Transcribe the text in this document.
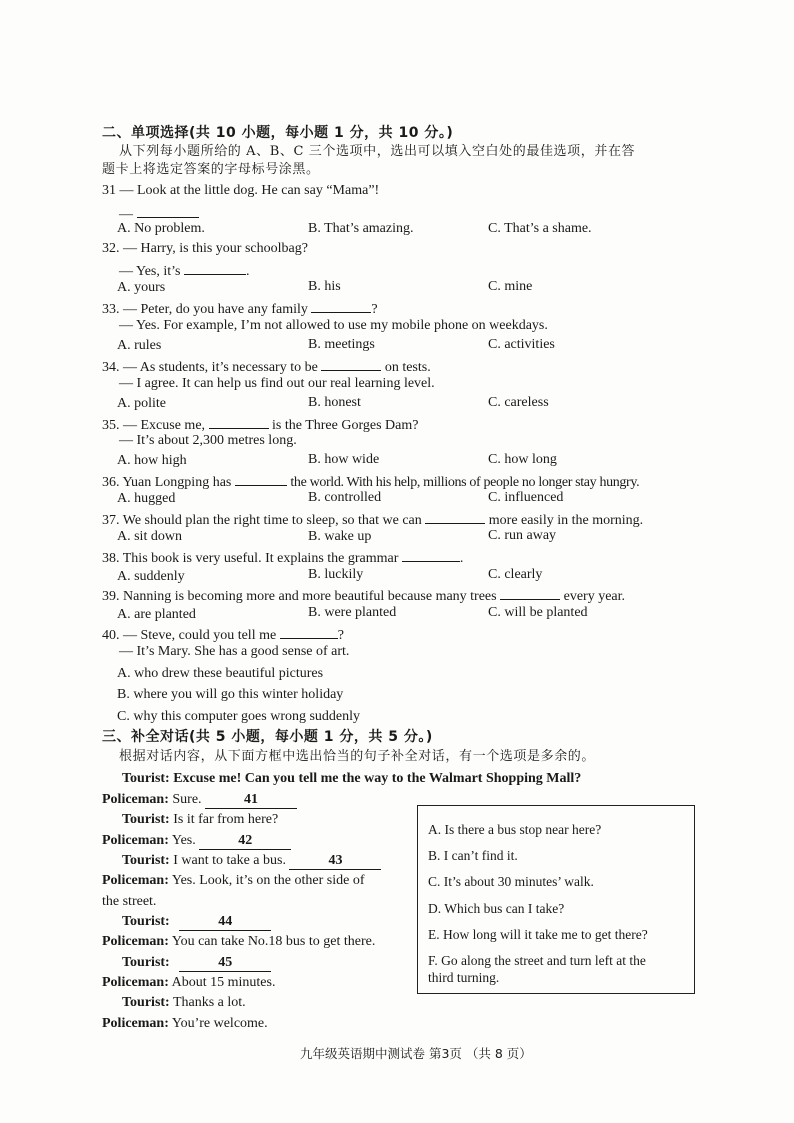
二、单项选择(共 10 小题，每小题 1 分，共 10 分。)
从下列每小题所给的 A、B、C 三个选项中，选出可以填入空白处的最佳选项，并在答
题卡上将选定答案的字母标号涂黑。
31 — Look at the little dog. He can say “Mama”!
—
A. No problem.	B. That’s amazing.	C. That’s a shame.
32. — Harry, is this your schoolbag?
— Yes, it’s	.
A. yours	B. his	C. mine
33. — Peter, do you have any family	?
— Yes. For example, I’m not allowed to use my mobile phone on weekdays.
A. rules	B. meetings	C. activities
34. — As students, it’s necessary to be	on tests.
— I agree. It can help us find out our real learning level.
A. polite	B. honest	C. careless
35. — Excuse me,	is the Three Gorges Dam?
— It’s about 2,300 metres long.
A. how high	B. how wide	C. how long
36. Yuan Longping has	the world. With his help, millions of people no longer stay hungry.
A. hugged	B. controlled	C. influenced
37. We should plan the right time to sleep, so that we can	more easily in the morning.
A. sit down	B. wake up	C. run away
38. This book is very useful. It explains the grammar	.
A. suddenly	B. luckily	C. clearly
39. Nanning is becoming more and more beautiful because many trees	every year.
A. are planted	B. were planted	C. will be planted
40. — Steve, could you tell me	?
— It’s Mary. She has a good sense of art.
A. who drew these beautiful pictures
B. where you will go this winter holiday
C. why this computer goes wrong suddenly
三、补全对话(共 5 小题，每小题 1 分，共 5 分。)
根据对话内容，从下面方框中选出恰当的句子补全对话，有一个选项是多余的。
Tourist: Excuse me! Can you tell me the way to the Walmart Shopping Mall?
Policeman: Sure.	41
Tourist: Is it far from here?
Policeman: Yes.	42
Tourist: I want to take a bus.	43
Policeman: Yes. Look, it’s on the other side of
the street.
Tourist:	44
Policeman: You can take No.18 bus to get there.
Tourist:	45
Policeman: About 15 minutes.
Tourist: Thanks a lot.
Policeman: You’re welcome.
A. Is there a bus stop near here?
B. I can’t find it.
C. It’s about 30 minutes’ walk.
D. Which bus can I take?
E. How long will it take me to get there?
F. Go along the street and turn left at the
third turning.
九年级英语期中测试卷 第3页 （共 8 页）
